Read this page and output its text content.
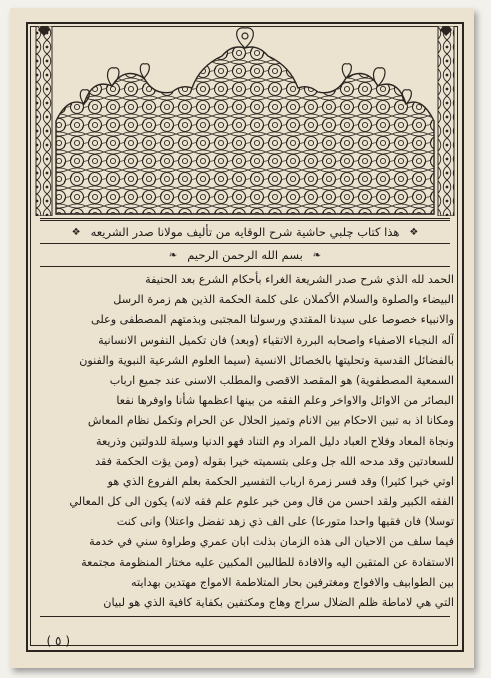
❖
هذا كتاب چلبي حاشية شرح الوقايه من تأليف مولانا صدر الشريعه
❖
❧
بسم الله الرحمن الرحيم
❧
الحمد لله الذي شرح صدر الشريعة الغراء بأحكام الشرع بعد الحنيفة
البيضاء والصلوة والسلام الأكملان على كلمة الحكمة الذين هم زمرة الرسل
والانبياء خصوصا على سيدنا المقتدي ورسولنا المجتبى وبذمتهم المصطفى وعلى
آله النجباء الاصفياء واصحابه البررة الاتقياء (وبعد) فان تكميل النفوس الانسانية
بالفضائل القدسية وتحليتها بالخصائل الانسية (سيما العلوم الشرعية النبوية والفنون
السمعية المصطفوية) هو المقصد الاقصى والمطلب الاسنى عند جميع ارباب
البصائر من الاوائل والاواخر وعلم الفقه من بينها اعظمها شأنا واوفرها نفعا
ومكانا اذ به تبين الاحكام بين الانام وتميز الحلال عن الحرام وتكمل نظام المعاش
ونجاة المعاد وفلاح العباد دليل المراد وم التناد فهو الدنيا وسيلة للدولتين وذريعة
للسعادتين وقد مدحه الله جل وعلى بتسميته خيرا بقوله (ومن يؤت الحكمة فقد
اوتي خيرا كثيرا) وقد فسر زمرة ارباب التفسير الحكمة بعلم الفروع الذي هو
الفقه الكبير ولقد احسن من قال ومن خير علوم علم فقه لانه) يكون الى كل المعالي
توسلا) فان فقيها واحدا متورعا) على الف ذي زهد تفضل واعتلا) وانى كنت
فيما سلف من الاحيان الى هذه الزمان بذلت ابان عمري وطراوة سني في خدمة
الاستفادة عن المتقين اليه والافادة للطالبين المكبين عليه مختار المنظومة مجتمعة
بين الطوابيف والافواج ومغترفين بحار المتلاطمة الامواج مهتدين بهدايته
التي هي لاماطة ظلم الضلال سراج وهاج ومكتفين بكفاية كافية الذي هو لبيان
( ٥ )
